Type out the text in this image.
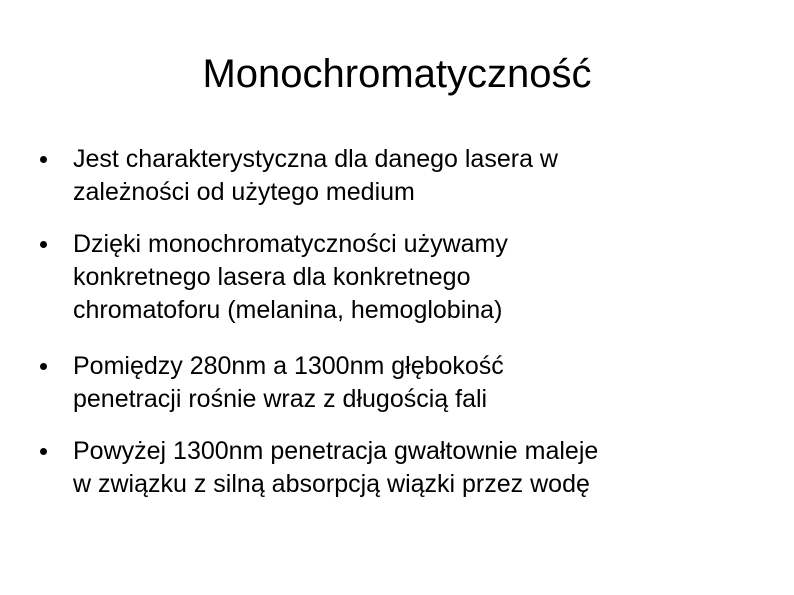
Monochromatyczność
Jest charakterystyczna dla danego lasera w
zależności od użytego medium
Dzięki monochromatyczności używamy
konkretnego lasera dla konkretnego
chromatoforu (melanina, hemoglobina)
Pomiędzy 280nm a 1300nm głębokość
penetracji rośnie wraz z długością fali
Powyżej 1300nm penetracja gwałtownie maleje
w związku z silną absorpcją wiązki przez wodę
